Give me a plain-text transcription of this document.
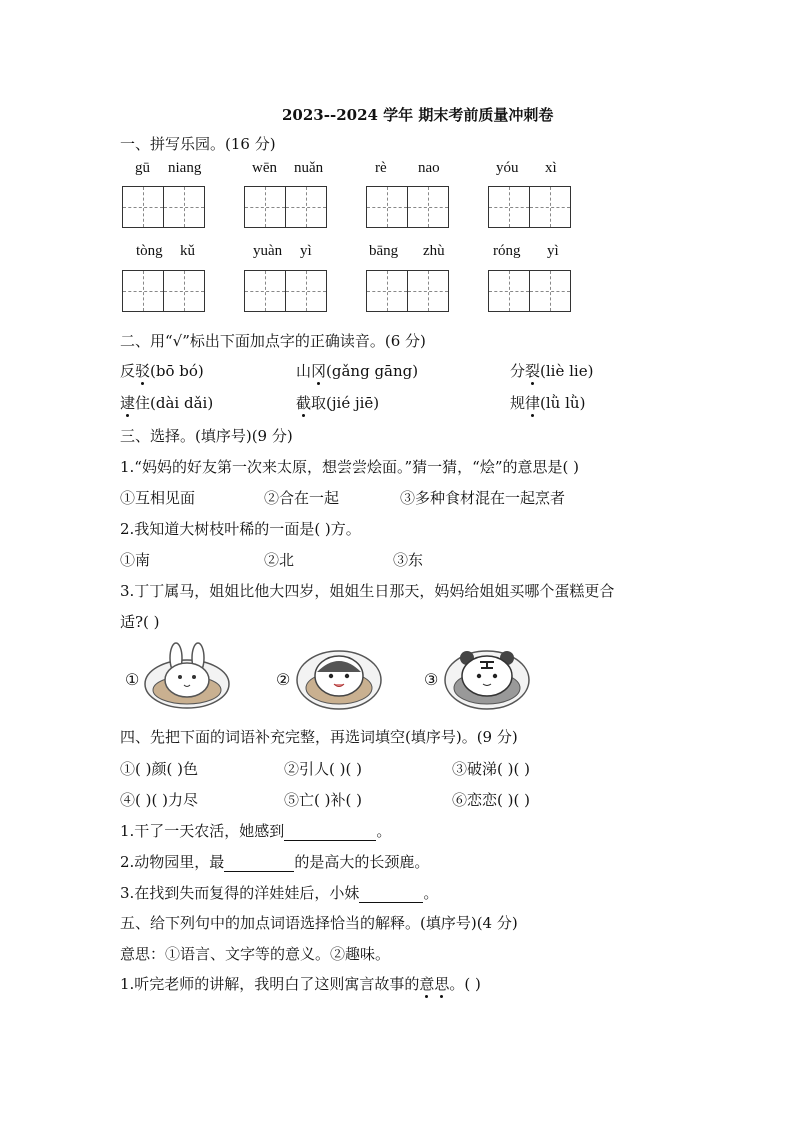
2023--2024 学年 期末考前质量冲刺卷
一、拼写乐园。(16 分)
gū niang	wēn nuǎn	rè nao	yóu xì
tòng kǔ	yuàn yì	bāng zhù	róng yì
二、用“√”标出下面加点字的正确读音。(6 分)
反驳(bō bó)	山冈(gǎng gāng)	分裂(liè lie)
逮住(dài dǎi)	截取(jié jiē)	规律(lǜ lǜ)
三、选择。(填序号)(9 分)
1.“妈妈的好友第一次来太原，想尝尝烩面。”猜一猜，“烩”的意思是( )
①互相见面	②合在一起	③多种食材混在一起烹者
2.我知道大树枝叶稀的一面是( )方。
①南	②北	③东
3.丁丁属马，姐姐比他大四岁，姐姐生日那天，妈妈给姐姐买哪个蛋糕更合
适?( )
①	②	③
四、先把下面的词语补充完整，再选词填空(填序号)。(9 分)
①( )颜( )色	②引人( )( )	③破涕( )( )
④( )( )力尽	⑤亡( )补( )	⑥恋恋( )( )
1.干了一天农活，她感到	。
2.动物园里，最	的是高大的长颈鹿。
3.在找到失而复得的洋娃娃后，小妹	。
五、给下列句中的加点词语选择恰当的解释。(填序号)(4 分)
意思：①语言、文字等的意义。②趣味。
1.听完老师的讲解，我明白了这则寓言故事的意思。( )
